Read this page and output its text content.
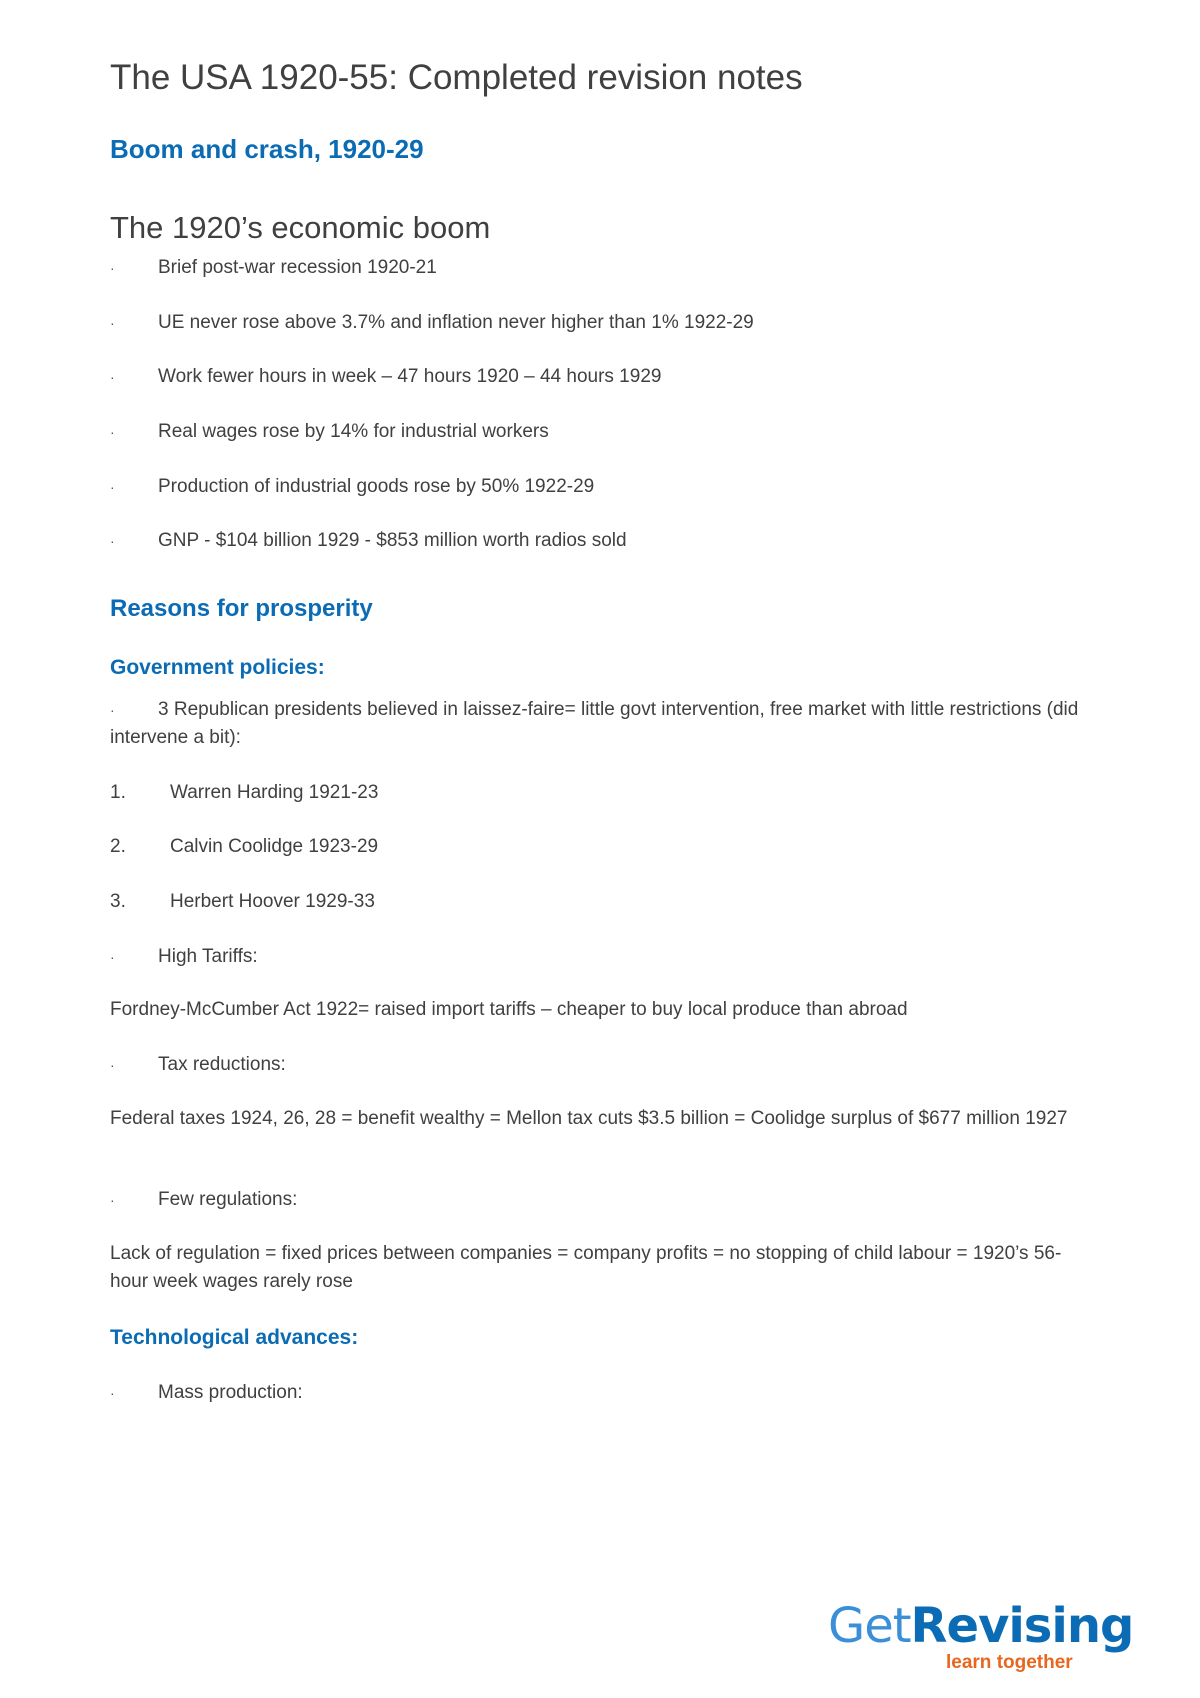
The USA 1920-55: Completed revision notes
Boom and crash, 1920-29
The 1920’s economic boom
· Brief post-war recession 1920-21
· UE never rose above 3.7% and inflation never higher than 1% 1922-29
· Work fewer hours in week – 47 hours 1920 – 44 hours 1929
· Real wages rose by 14% for industrial workers
· Production of industrial goods rose by 50% 1922-29
· GNP - $104 billion 1929 - $853 million worth radios sold
Reasons for prosperity
Government policies:
· 3 Republican presidents believed in laissez-faire= little govt intervention, free market with little restrictions (did intervene a bit):
1. Warren Harding 1921-23
2. Calvin Coolidge 1923-29
3. Herbert Hoover 1929-33
· High Tariffs:
Fordney-McCumber Act 1922= raised import tariffs – cheaper to buy local produce than abroad
· Tax reductions:
Federal taxes 1924, 26, 28 = benefit wealthy = Mellon tax cuts $3.5 billion = Coolidge surplus of $677 million 1927
· Few regulations:
Lack of regulation = fixed prices between companies = company profits = no stopping of child labour = 1920’s 56-hour week wages rarely rose
Technological advances:
· Mass production:
GetRevising
learn together
